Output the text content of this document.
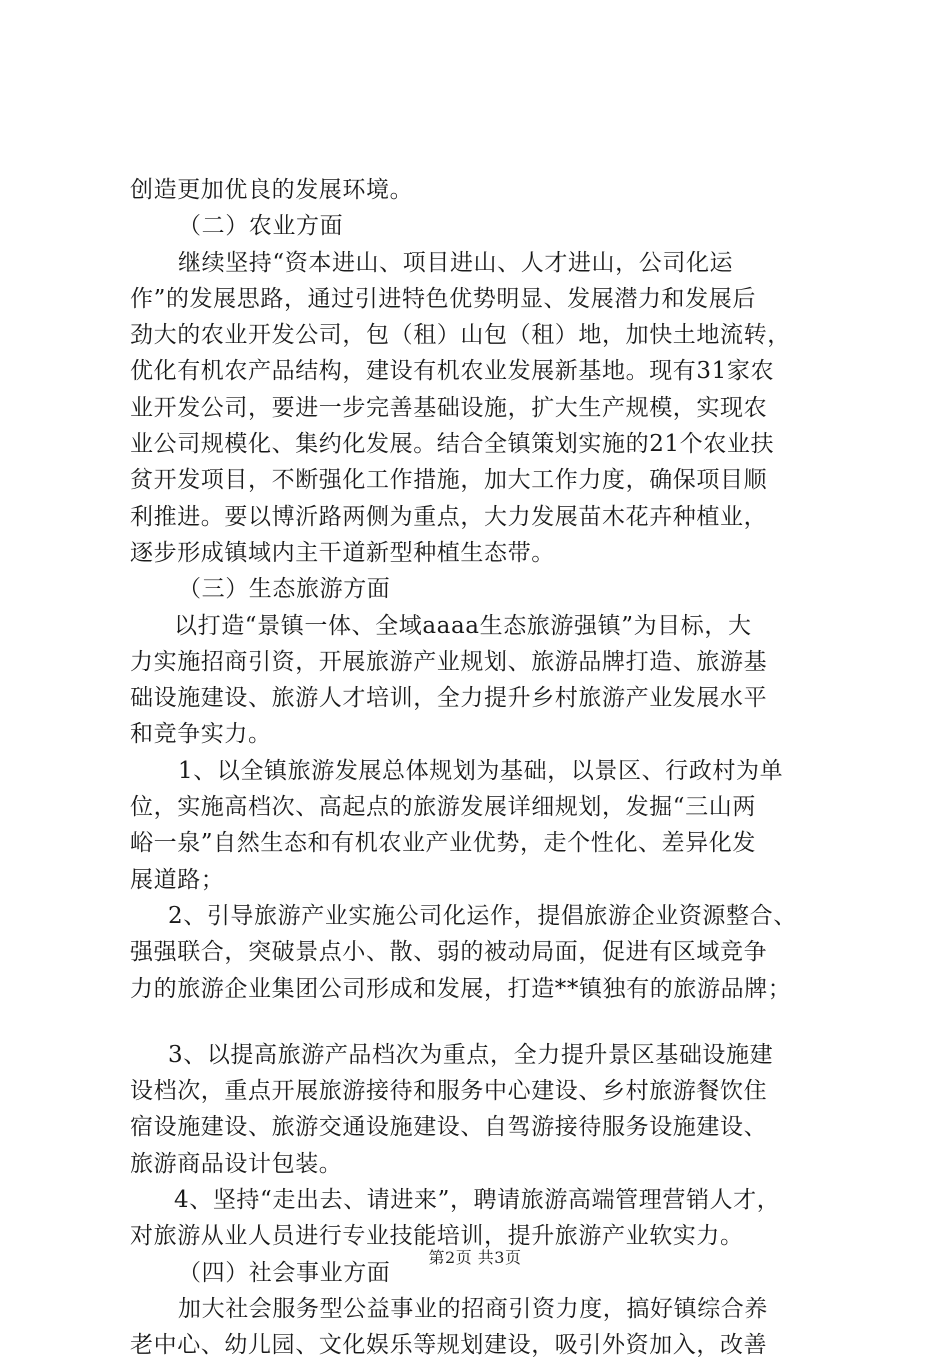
创造更加优良的发展环境。
（二）农业方面
继续坚持“资本进山、项目进山、人才进山，公司化运
作”的发展思路，通过引进特色优势明显、发展潜力和发展后
劲大的农业开发公司，包（租）山包（租）地，加快土地流转，
优化有机农产品结构，建设有机农业发展新基地。现有31家农
业开发公司，要进一步完善基础设施，扩大生产规模，实现农
业公司规模化、集约化发展。结合全镇策划实施的21个农业扶
贫开发项目，不断强化工作措施，加大工作力度，确保项目顺
利推进。要以博沂路两侧为重点，大力发展苗木花卉种植业，
逐步形成镇域内主干道新型种植生态带。
（三）生态旅游方面
以打造“景镇一体、全域aaaa生态旅游强镇”为目标，大
力实施招商引资，开展旅游产业规划、旅游品牌打造、旅游基
础设施建设、旅游人才培训，全力提升乡村旅游产业发展水平
和竞争实力。
1、以全镇旅游发展总体规划为基础，以景区、行政村为单
位，实施高档次、高起点的旅游发展详细规划，发掘“三山两
峪一泉”自然生态和有机农业产业优势，走个性化、差异化发
展道路；
2、引导旅游产业实施公司化运作，提倡旅游企业资源整合、
强强联合，突破景点小、散、弱的被动局面，促进有区域竞争
力的旅游企业集团公司形成和发展，打造**镇独有的旅游品牌；
3、以提高旅游产品档次为重点，全力提升景区基础设施建
设档次，重点开展旅游接待和服务中心建设、乡村旅游餐饮住
宿设施建设、旅游交通设施建设、自驾游接待服务设施建设、
旅游商品设计包装。
4、坚持“走出去、请进来”，聘请旅游高端管理营销人才，
对旅游从业人员进行专业技能培训，提升旅游产业软实力。
（四）社会事业方面
加大社会服务型公益事业的招商引资力度，搞好镇综合养
老中心、幼儿园、文化娱乐等规划建设，吸引外资加入，改善
第2页 共3页
